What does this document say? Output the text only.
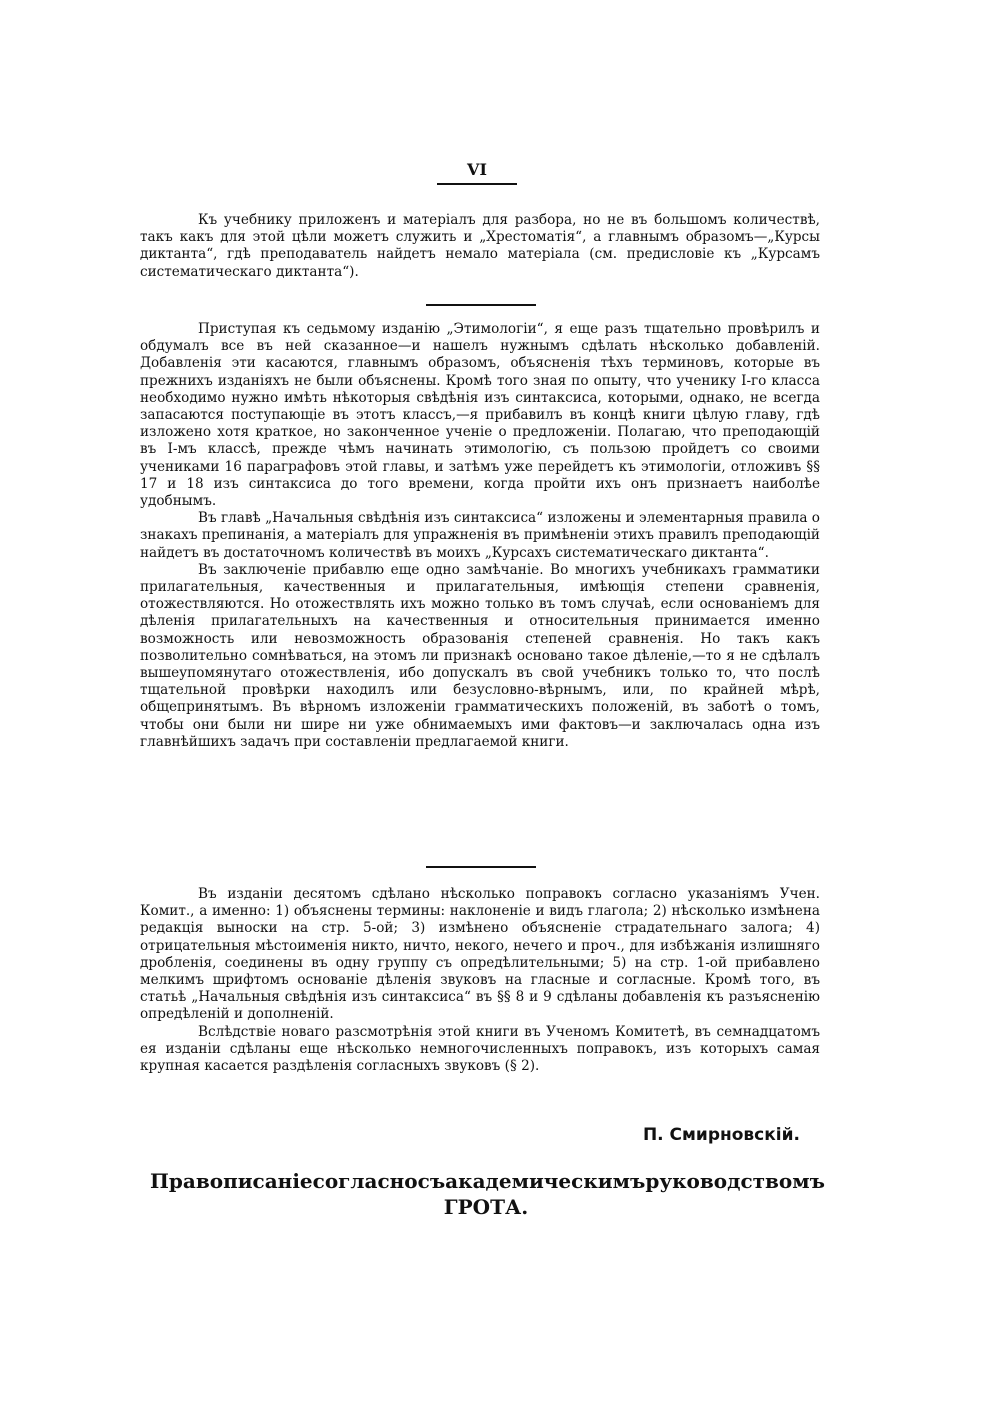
VI

Къ учебнику приложенъ и матеріалъ для разбора, но не въ большомъ количествѣ, такъ какъ для этой цѣли можетъ служить и „Хрестоматія“, а главнымъ образомъ—„Курсы диктанта“, гдѣ преподаватель найдетъ немало матеріала (см. предисловіе къ „Курсамъ систематическаго диктанта“).

Приступая къ седьмому изданію „Этимологіи“, я еще разъ тщательно провѣрилъ и обдумалъ все въ ней сказанное—и нашелъ нужнымъ сдѣлать нѣсколько добавленій. Добавленія эти касаются, главнымъ образомъ, объясненія тѣхъ терминовъ, которые въ прежнихъ изданіяхъ не были объяснены. Кромѣ того зная по опыту, что ученику I-го класса необходимо нужно имѣть нѣкоторыя свѣдѣнія изъ синтаксиса, которыми, однако, не всегда запасаются поступающіе въ этотъ классъ,—я прибавилъ въ концѣ книги цѣлую главу, гдѣ изложено хотя краткое, но законченное ученіе о предложеніи. Полагаю, что преподающій въ I-мъ классѣ, прежде чѣмъ начинать этимологію, съ пользою пройдетъ со своими учениками 16 параграфовъ этой главы, и затѣмъ уже перейдетъ къ этимологіи, отложивъ §§ 17 и 18 изъ синтаксиса до того времени, когда пройти ихъ онъ признаетъ наиболѣе удобнымъ.

Въ главѣ „Начальныя свѣдѣнія изъ синтаксиса“ изложены и элементарныя правила о знакахъ препинанія, а матеріалъ для упражненія въ примѣненіи этихъ правилъ преподающій найдетъ въ достаточномъ количествѣ въ моихъ „Курсахъ систематическаго диктанта“.

Въ заключеніе прибавлю еще одно замѣчаніе. Во многихъ учебникахъ грамматики прилагательныя, качественныя и прилагательныя, имѣющія степени сравненія, отожествляются. Но отожествлять ихъ можно только въ томъ случаѣ, если основаніемъ для дѣленія прилагательныхъ на качественныя и относительныя принимается именно возможность или невозможность образованія степеней сравненія. Но такъ какъ позволительно сомнѣваться, на этомъ ли признакѣ основано такое дѣленіе,—то я не сдѣлалъ вышеупомянутаго отожествленія, ибо допускалъ въ свой учебникъ только то, что послѣ тщательной провѣрки находилъ или безусловно-вѣрнымъ, или, по крайней мѣрѣ, общепринятымъ. Въ вѣрномъ изложеніи грамматическихъ положеній, въ заботѣ о томъ, чтобы они были ни шире ни уже обнимаемыхъ ими фактовъ—и заключалась одна изъ главнѣйшихъ задачъ при составленіи предлагаемой книги.

Въ изданіи десятомъ сдѣлано нѣсколько поправокъ согласно указаніямъ Учен. Комит., а именно: 1) объяснены термины: наклоненіе и видъ глагола; 2) нѣсколько измѣнена редакція выноски на стр. 5-ой; 3) измѣнено объясненіе страдательнаго залога; 4) отрицательныя мѣстоименія никто, ничто, некого, нечего и проч., для избѣжанія излишняго дробленія, соединены въ одну группу съ опредѣлительными; 5) на стр. 1-ой прибавлено мелкимъ шрифтомъ основаніе дѣленія звуковъ на гласные и согласные. Кромѣ того, въ статьѣ „Начальныя свѣдѣнія изъ синтаксиса“ въ §§ 8 и 9 сдѣланы добавленія къ разъясненію опредѣленій и дополненій.

Вслѣдствіе новаго разсмотрѣнія этой книги въ Ученомъ Комитетѣ, въ семнадцатомъ ея изданіи сдѣланы еще нѣсколько немногочисленныхъ поправокъ, изъ которыхъ самая крупная касается раздѣленія согласныхъ звуковъ (§ 2).

П. Смирновскій.
Правописаніе согласно съ академическимъ руководствомъ
ГРОТА.
